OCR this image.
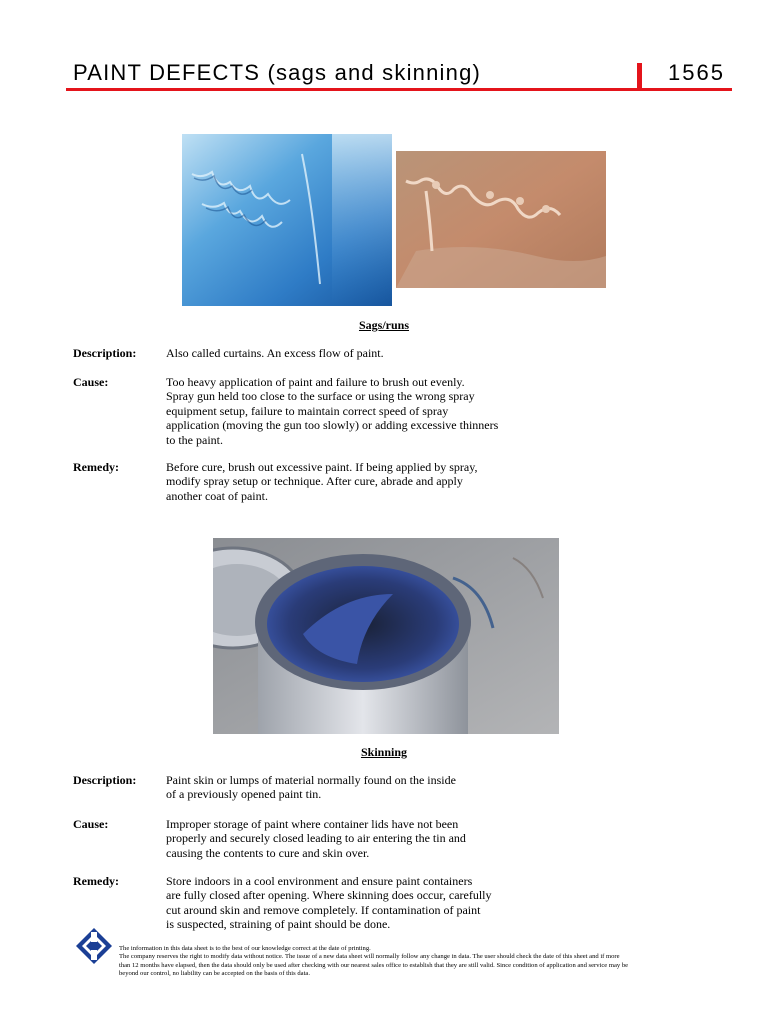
PAINT DEFECTS (sags and skinning)	1565
Sags/runs
Description: Also called curtains. An excess flow of paint.
Cause:	Too heavy application of paint and failure to brush out evenly.
Spray gun held too close to the surface or using the wrong spray
equipment setup, failure to maintain correct speed of spray
application (moving the gun too slowly) or adding excessive thinners
to the paint.
Remedy:	Before cure, brush out excessive paint. If being applied by spray,
modify spray setup or technique. After cure, abrade and apply
another coat of paint.
Skinning
Description: Paint skin or lumps of material normally found on the inside
of a previously opened paint tin.
Cause:	Improper storage of paint where container lids have not been
properly and securely closed leading to air entering the tin and
causing the contents to cure and skin over.
Remedy:	Store indoors in a cool environment and ensure paint containers
are fully closed after opening. Where skinning does occur, carefully
cut around skin and remove completely. If contamination of paint
is suspected, straining of paint should be done.
The information in this data sheet is to the best of our knowledge correct at the date of printing.
The company reserves the right to modify data without notice. The issue of a new data sheet will normally follow any change in data. The user should check the date of this sheet and if more
than 12 months have elapsed, then the data should only be used after checking with our nearest sales office to establish that they are still valid. Since condition of application and service may be
beyond our control, no liability can be accepted on the basis of this data.
